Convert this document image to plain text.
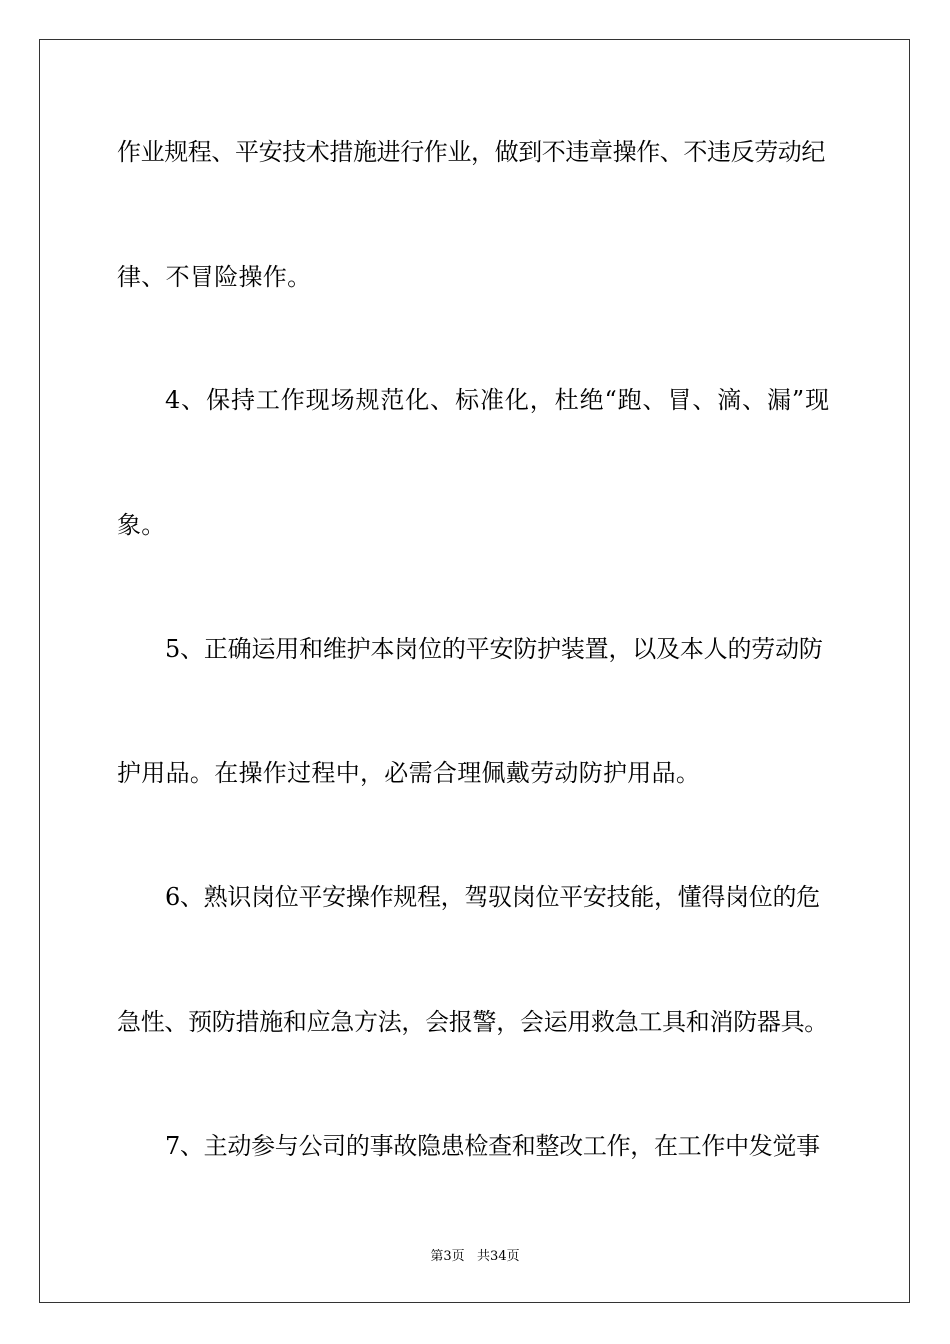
作业规程、平安技术措施进行作业，做到不违章操作、不违反劳动纪
律、不冒险操作。
4、保持工作现场规范化、标准化，杜绝“跑、冒、滴、漏”现
象。
5、正确运用和维护本岗位的平安防护装置，以及本人的劳动防
护用品。在操作过程中，必需合理佩戴劳动防护用品。
6、熟识岗位平安操作规程，驾驭岗位平安技能，懂得岗位的危
急性、预防措施和应急方法，会报警，会运用救急工具和消防器具。
7、主动参与公司的事故隐患检查和整改工作，在工作中发觉事
第3页   共34页
